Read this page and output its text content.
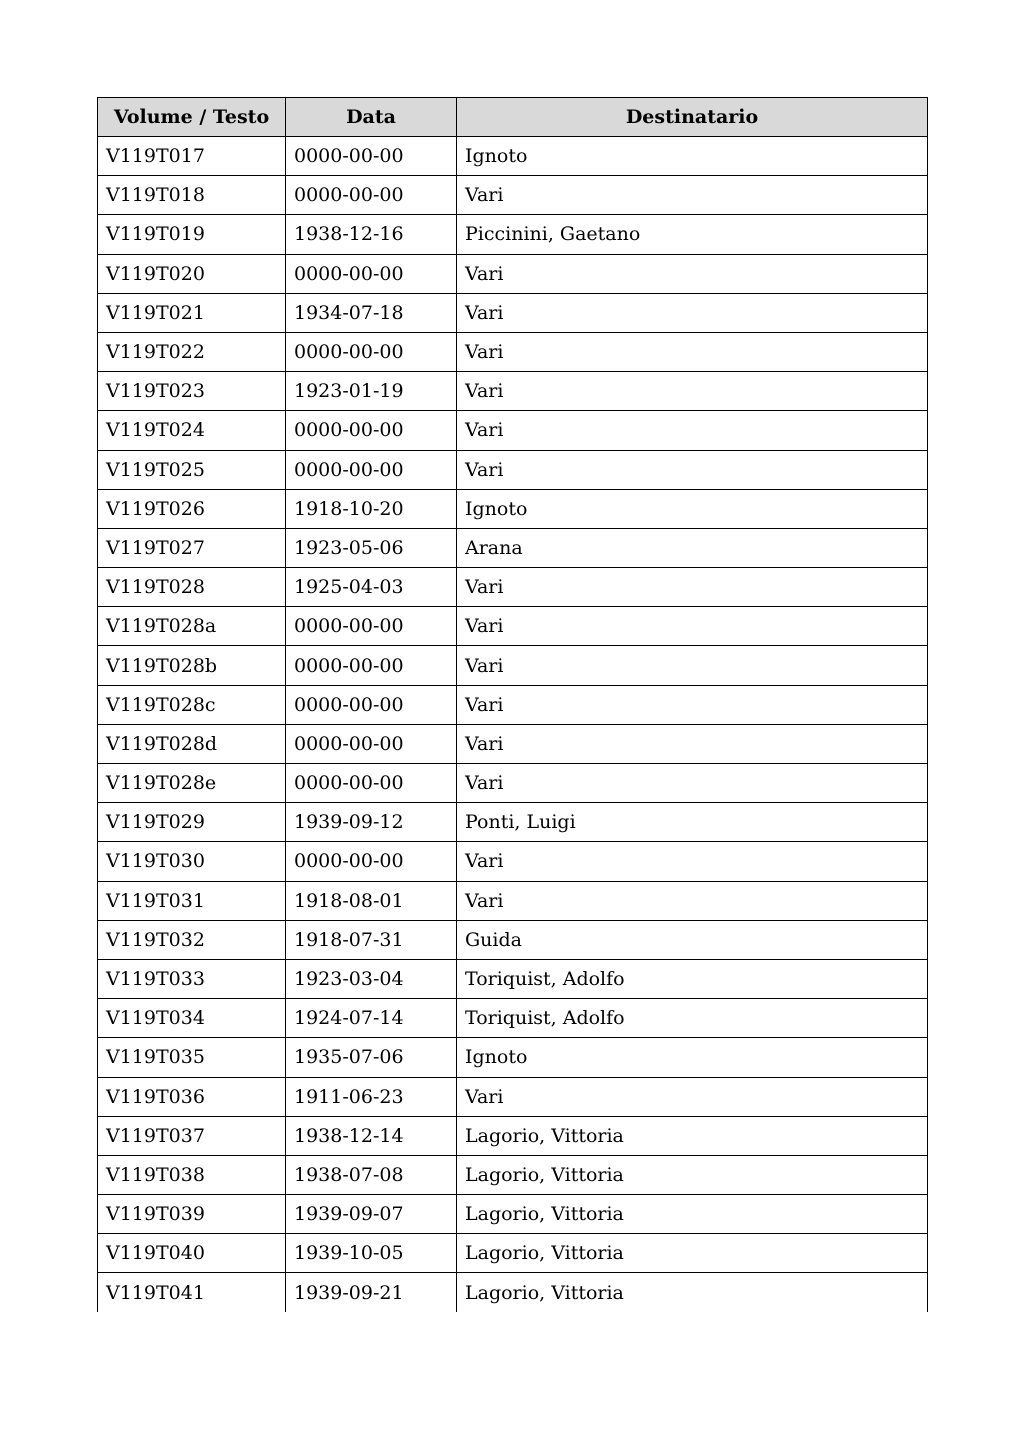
Volume / Testo	Data	Destinatario
V119T017	0000-00-00	Ignoto
V119T018	0000-00-00	Vari
V119T019	1938-12-16	Piccinini, Gaetano
V119T020	0000-00-00	Vari
V119T021	1934-07-18	Vari
V119T022	0000-00-00	Vari
V119T023	1923-01-19	Vari
V119T024	0000-00-00	Vari
V119T025	0000-00-00	Vari
V119T026	1918-10-20	Ignoto
V119T027	1923-05-06	Arana
V119T028	1925-04-03	Vari
V119T028a	0000-00-00	Vari
V119T028b	0000-00-00	Vari
V119T028c	0000-00-00	Vari
V119T028d	0000-00-00	Vari
V119T028e	0000-00-00	Vari
V119T029	1939-09-12	Ponti, Luigi
V119T030	0000-00-00	Vari
V119T031	1918-08-01	Vari
V119T032	1918-07-31	Guida
V119T033	1923-03-04	Toriquist, Adolfo
V119T034	1924-07-14	Toriquist, Adolfo
V119T035	1935-07-06	Ignoto
V119T036	1911-06-23	Vari
V119T037	1938-12-14	Lagorio, Vittoria
V119T038	1938-07-08	Lagorio, Vittoria
V119T039	1939-09-07	Lagorio, Vittoria
V119T040	1939-10-05	Lagorio, Vittoria
V119T041	1939-09-21	Lagorio, Vittoria
